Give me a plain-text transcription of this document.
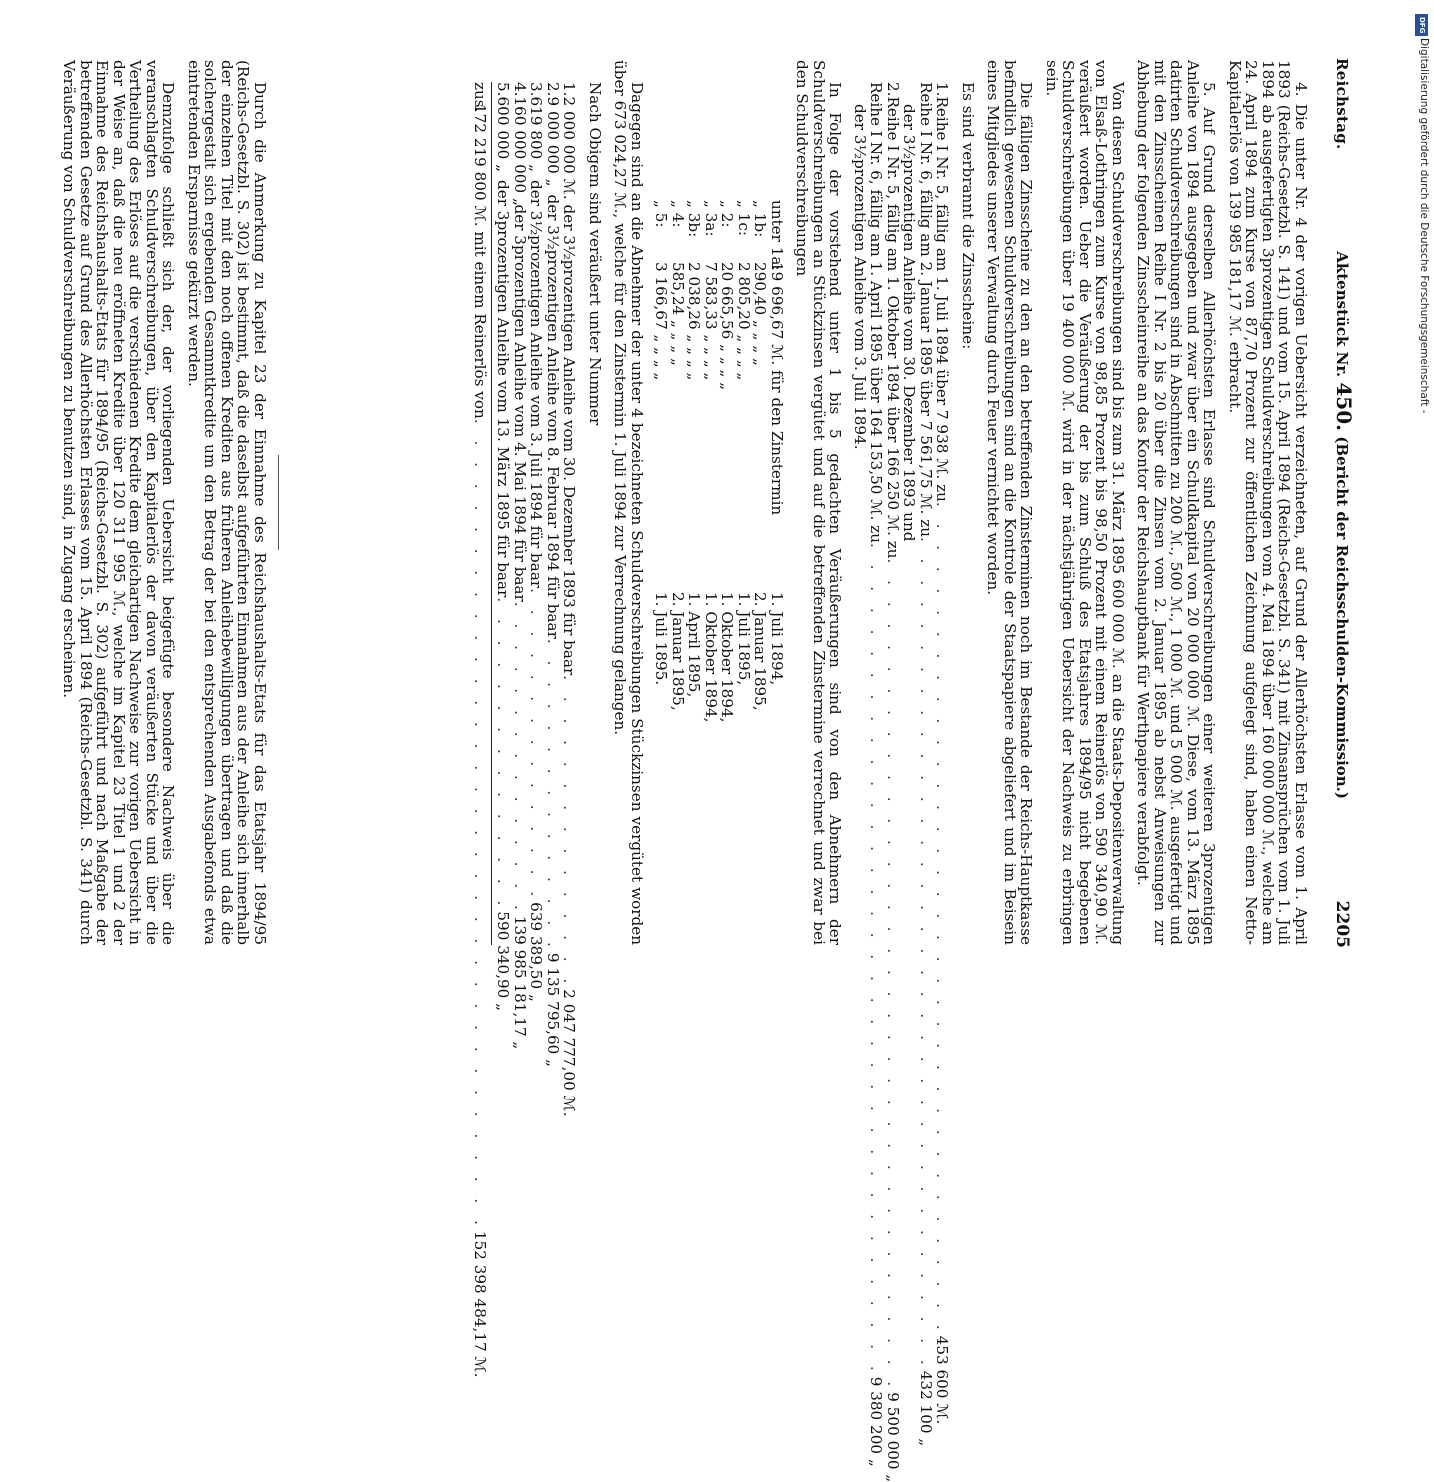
Reichstag.
Aktenstück Nr. 450. (Bericht der Reichsschulden-Kommission.)
2205

4. Die unter Nr. 4 der vorigen Uebersicht verzeichneten, auf Grund der Allerhöchsten Erlasse vom 1. April 1893 (Reichs-Gesetzbl. S. 141) und vom 15. April 1894 (Reichs-Gesetzbl. S. 341) mit Zinsansprüchen vom 1. Juli 1894 ab ausgefertigten 3prozentigen Schuldverschreibungen vom 4. Mai 1894 über 160 000 000 ℳ., welche am 24. April 1894 zum Kurse von 87,70 Prozent zur öffentlichen Zeichnung aufgelegt sind, haben einen Netto-Kapitalerlös von 139 985 181,17 ℳ. erbracht.

5. Auf Grund derselben Allerhöchsten Erlasse sind Schuldverschreibungen einer weiteren 3prozentigen Anleihe von 1894 ausgegeben und zwar über ein Schuldkapital von 20 000 000 ℳ. Diese, vom 13. März 1895 datirten Schuldverschreibungen sind in Abschnitten zu 200 ℳ., 500 ℳ., 1 000 ℳ. und 5 000 ℳ. ausgefertigt und mit den Zinsscheinen Reihe I Nr. 2 bis 20 über die Zinsen vom 2. Januar 1895 ab nebst Anweisungen zur Abhebung der folgenden Zinsscheinreihe an das Kontor der Reichshauptbank für Werthpapiere verabfolgt.

Von diesen Schuldverschreibungen sind bis zum 31. März 1895 600 000 ℳ. an die Staats-Depositenverwaltung von Elsaß-Lothringen zum Kurse von 98,85 Prozent bis 98,50 Prozent mit einem Reinerlös von 590 340,90 ℳ. veräußert worden. Ueber die Veräußerung der bis zum Schluß des Etatsjahres 1894/95 nicht begebenen Schuldverschreibungen über 19 400 000 ℳ. wird in der nächstjährigen Uebersicht der Nachweis zu erbringen sein.

Die fälligen Zinsscheine zu den an den betreffenden Zinsterminen noch im Bestande der Reichs-Hauptkasse befindlich gewesenen Schuldverschreibungen sind an die Kontrole der Staatspapiere abgeliefert und im Beisein eines Mitgliedes unserer Verwaltung durch Feuer vernichtet worden.

Es sind verbrannt die Zinsscheine:

1.
Reihe I Nr. 5, fällig am 1. Juli 1894 über 7 938 ℳ. zu
. . . . . . . . . . . . . . . . . . . . . . . . . . . . . . . . . . . . . . .
453 600 ℳ.
Reihe I Nr. 6, fällig am 2. Januar 1895 über 7 561,75 ℳ. zu
. . . . . . . . . . . . . . . . . . . . . . . . . . . . . . . . . . . . . . .
432 100 „
der 3½prozentigen Anleihe vom 30. Dezember 1893 und
2.
Reihe I Nr. 5, fällig am 1. Oktober 1894 über 166 250 ℳ. zu
. . . . . . . . . . . . . . . . . . . . . . . . . . . . . . . . . . . . . . .
9 500 000 „
Reihe I Nr. 6, fällig am 1. April 1895 über 164 153,50 ℳ. zu
. . . . . . . . . . . . . . . . . . . . . . . . . . . . . . . . . . . . . . .
9 380 200 „
der 3½prozentigen Anleihe vom 3. Juli 1894.

In Folge der vorstehend unter 1 bis 5 gedachten Veräußerungen sind von den Abnehmern der Schuldverschreibungen an Stückzinsen vergütet und auf die betreffenden Zinstermine verrechnet und zwar bei den Schuldverschreibungen

unter 1a:
19 696,67 ℳ. für den Zinstermin
1. Juli 1894,
„ 1b:
290,40 „ „ „ „
2. Januar 1895,
„ 1c:
2 805,20 „ „ „ „
1. Juli 1895,
„ 2:
20 665,56 „ „ „ „
1. Oktober 1894,
„ 3a:
7 583,33 „ „ „ „
1. Oktober 1894,
„ 3b:
2 038,26 „ „ „ „
1. April 1895,
„ 4:
585,24 „ „ „ „
2. Januar 1895,
„ 5:
3 166,67 „ „ „ „
1. Juli 1895.

Dagegen sind an die Abnehmer der unter 4 bezeichneten Schuldverschreibungen Stückzinsen vergütet worden über 673 024,27 ℳ., welche für den Zinstermin 1. Juli 1894 zur Verrechnung gelangen.

Nach Obigem sind veräußert unter Nummer

1.
2 000 000 ℳ.
der 3½prozentigen Anleihe vom 30. Dezember 1893 für baar
. . . . . . . . . . . . . . .
2 047 777,00 ℳ.
2.
9 000 000 „
der 3½prozentigen Anleihe vom 8. Februar 1894 für baar
. . . . . . . . . . . . . . .
9 135 795,60 „
3.
619 800 „
der 3½prozentigen Anleihe vom 3. Juli 1894 für baar
. . . . . . . . . . . . . . .
639 389,50 „
4.
160 000 000 „
der 3prozentigen Anleihe vom 4. Mai 1894 für baar
. . . . . . . . . . . . . . .
139 985 181,17 „
5.
600 000 „
der 3prozentigen Anleihe vom 13. März 1895 für baar
. . . . . . . . . . . . . . .
590 340,90 „
zus.
172 219 800 ℳ. mit einem Reinerlös von
. . . . . . . . . . . . . . . . . . . . . . . . . . . . . . . . . . . . . .
152 398 484,17 ℳ.

Durch die Anmerkung zu Kapitel 23 der Einnahme des Reichshaushalts-Etats für das Etatsjahr 1894/95 (Reichs-Gesetzbl. S. 302) ist bestimmt, daß die daselbst aufgeführten Einnahmen aus der Anleihe sich innerhalb der einzelnen Titel mit den noch offenen Krediten aus früheren Anleihebewilligungen übertragen und daß die solchergestalt sich ergebenden Gesammtkredite um den Betrag der bei den entsprechenden Ausgabefonds etwa eintretenden Ersparnisse gekürzt werden.

Demzufolge schließt sich der, der vorliegenden Uebersicht beigefügte besondere Nachweis über die veranschlagten Schuldverschreibungen, über den Kapitalerlös der davon veräußerten Stücke und über die Vertheilung des Erlöses auf die verschiedenen Kredite dem gleichartigen Nachweise zur vorigen Uebersicht in der Weise an, daß die neu eröffneten Kredite über 120 311 995 ℳ., welche im Kapitel 23 Titel 1 und 2 der Einnahme des Reichshaushalts-Etats für 1894/95 (Reichs-Gesetzbl. S. 302) aufgeführt und nach Maßgabe der betreffenden Gesetze auf Grund des Allerhöchsten Erlasses vom 15. April 1894 (Reichs-Gesetzbl. S. 341) durch Veräußerung von Schuldverschreibungen zu benutzen sind, in Zugang erscheinen.

DFG
Digitalisierung gefördert durch die Deutsche Forschungsgemeinschaft -
